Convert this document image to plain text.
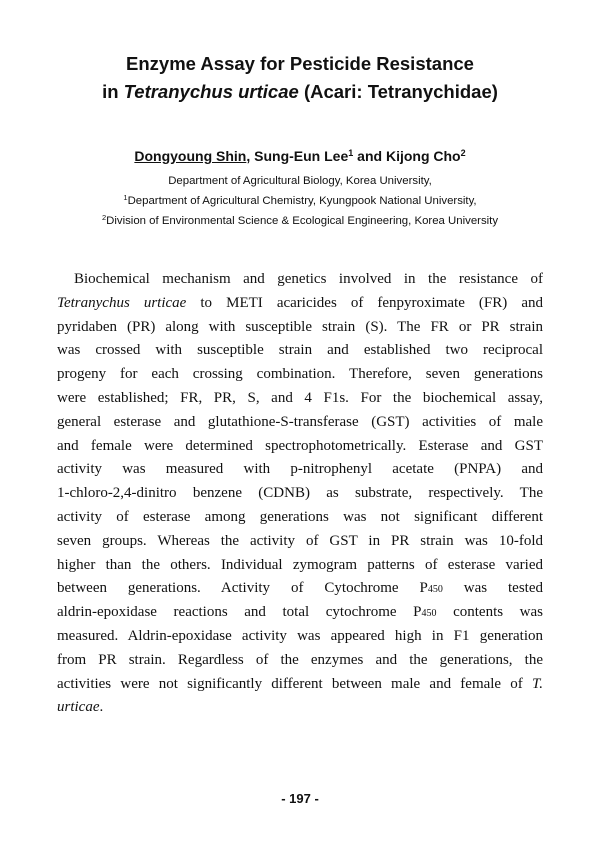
Enzyme Assay for Pesticide Resistance
in Tetranychus urticae (Acari: Tetranychidae)
Dongyoung Shin, Sung-Eun Lee$^1$ and Kijong Cho$^2$
Department of Agricultural Biology, Korea University,
$^1$Department of Agricultural Chemistry, Kyungpook National University,
$^2$Division of Environmental Science & Ecological Engineering, Korea University
Biochemical mechanism and genetics involved in the resistance of
Tetranychus urticae to METI acaricides of fenpyroximate (FR) and
pyridaben (PR) along with susceptible strain (S). The FR or PR strain
was crossed with susceptible strain and established two reciprocal
progeny for each crossing combination. Therefore, seven generations
were established; FR, PR, S, and 4 F1s. For the biochemical assay,
general esterase and glutathione-S-transferase (GST) activities of male
and female were determined spectrophotometrically. Esterase and GST
activity was measured with p-nitrophenyl acetate (PNPA) and
1-chloro-2,4-dinitro benzene (CDNB) as substrate, respectively. The
activity of esterase among generations was not significant different
seven groups. Whereas the activity of GST in PR strain was 10-fold
higher than the others. Individual zymogram patterns of esterase varied
between generations. Activity of Cytochrome P450 was tested
aldrin-epoxidase reactions and total cytochrome P450 contents was
measured. Aldrin-epoxidase activity was appeared high in F1 generation
from PR strain. Regardless of the enzymes and the generations, the
activities were not significantly different between male and female of T.
urticae.
- 197 -
